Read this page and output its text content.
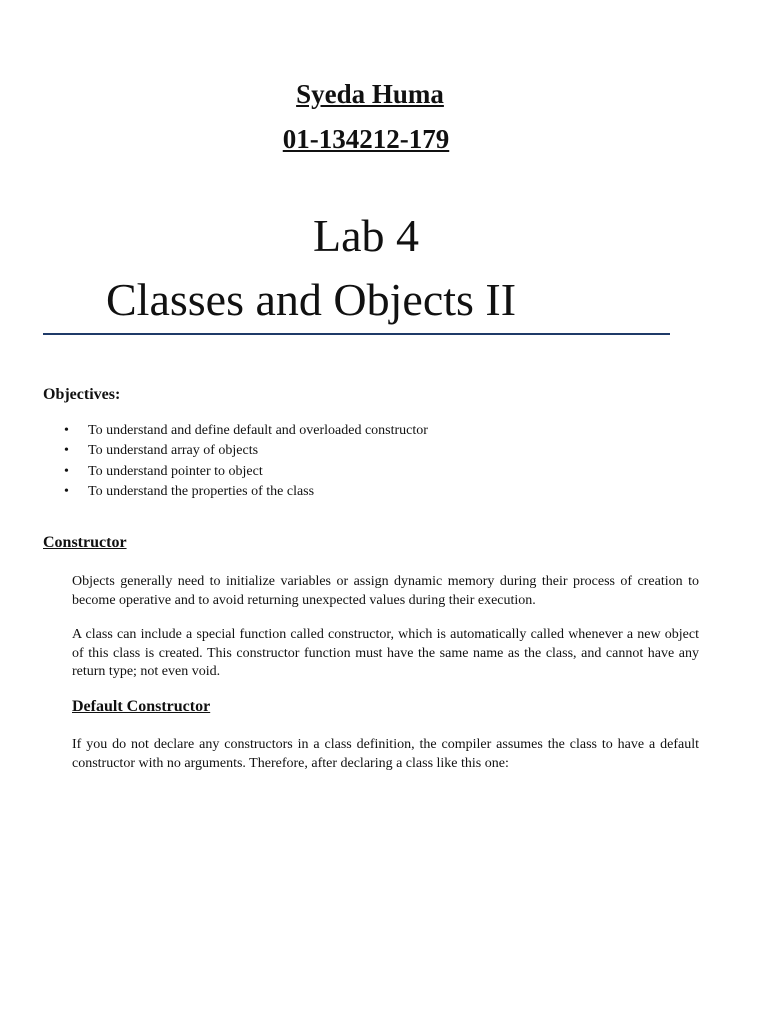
Syeda Huma
01-134212-179
Lab 4
Classes and Objects II
Objectives:
• To understand and define default and overloaded constructor
• To understand array of objects
• To understand pointer to object
• To understand the properties of the class
Constructor

Objects generally need to initialize variables or assign dynamic memory during their process of creation to become operative and to avoid returning unexpected values during their execution.

A class can include a special function called constructor, which is automatically called whenever a new object of this class is created. This constructor function must have the same name as the class, and cannot have any return type; not even void.

Default Constructor

If you do not declare any constructors in a class definition, the compiler assumes the class to have a default constructor with no arguments. Therefore, after declaring a class like this one:
